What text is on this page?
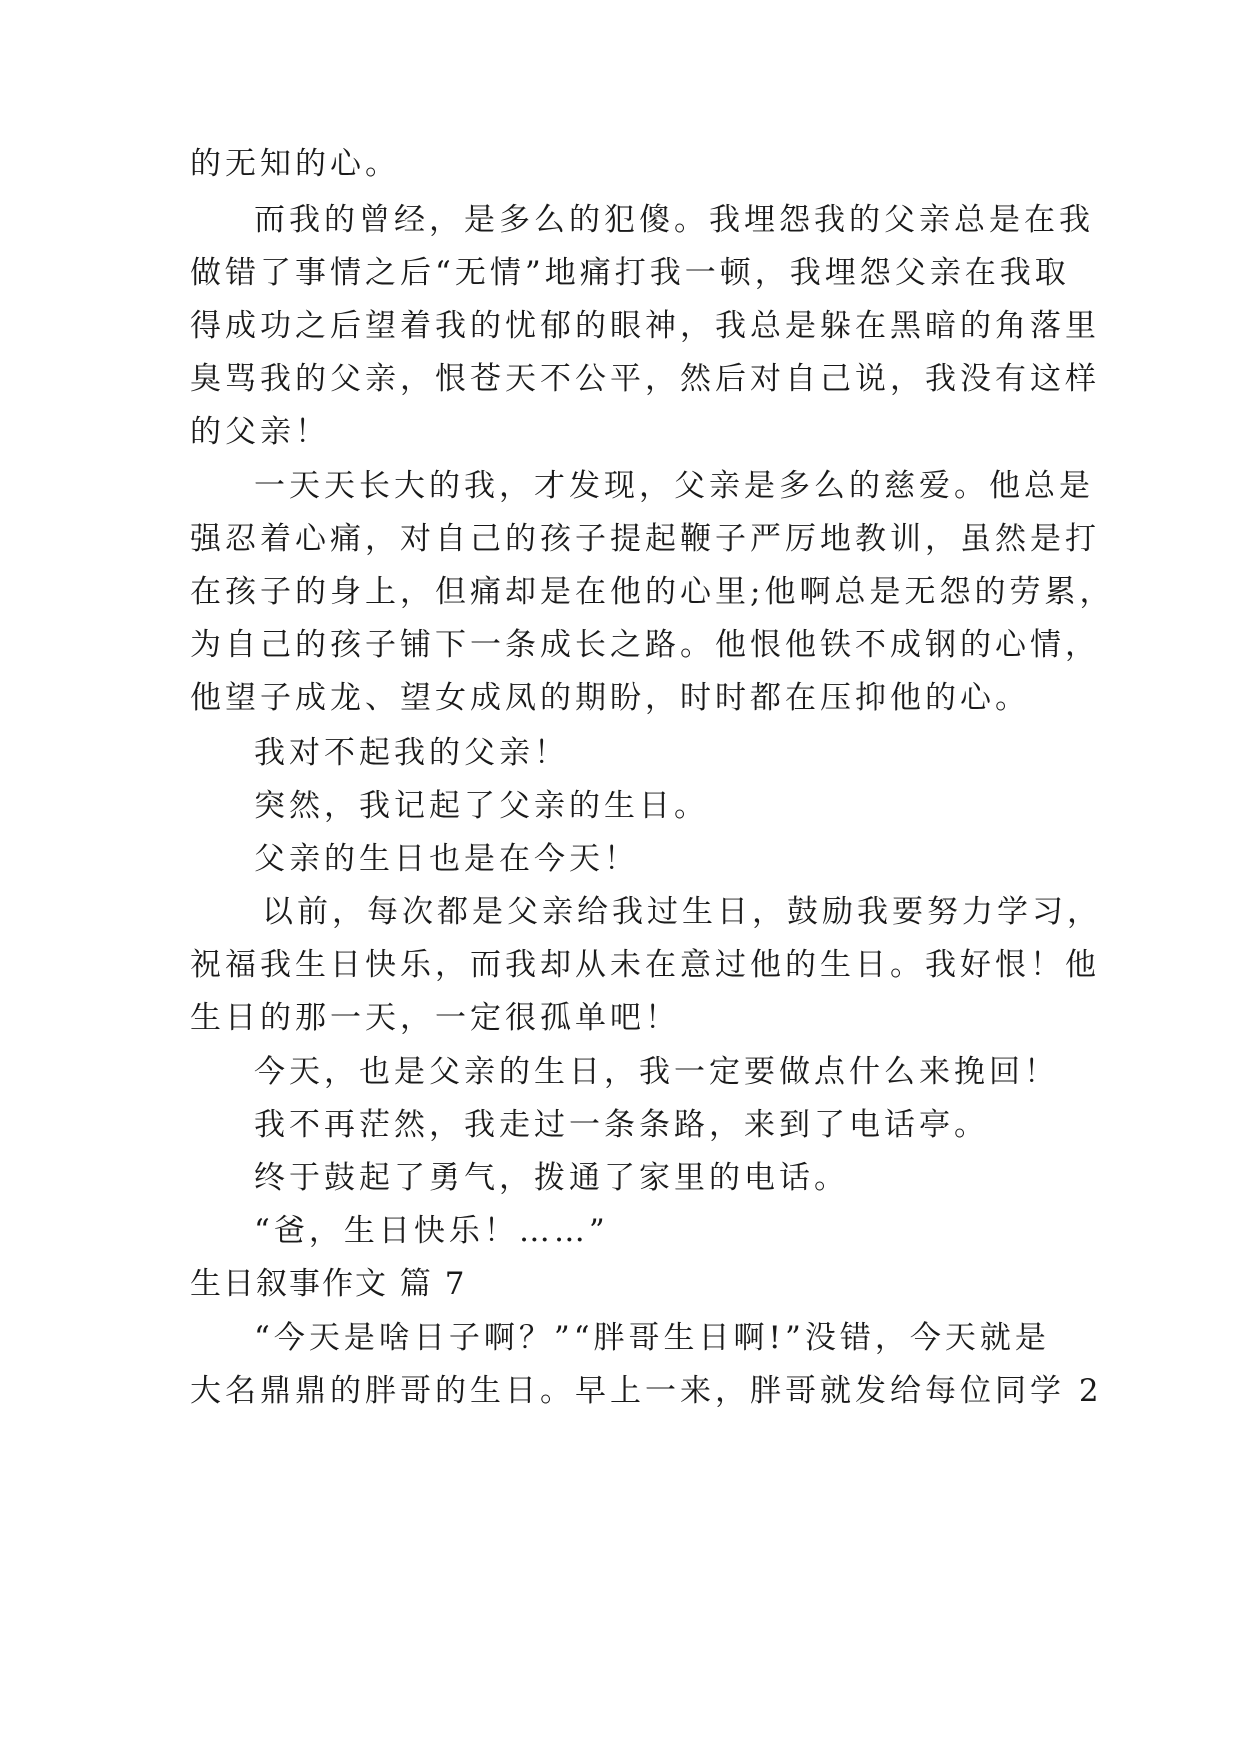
的无知的心。
而我的曾经，是多么的犯傻。我埋怨我的父亲总是在我
做错了事情之后“无情”地痛打我一顿，我埋怨父亲在我取
得成功之后望着我的忧郁的眼神，我总是躲在黑暗的角落里
臭骂我的父亲，恨苍天不公平，然后对自己说，我没有这样
的父亲！
一天天长大的我，才发现，父亲是多么的慈爱。他总是
强忍着心痛，对自己的孩子提起鞭子严厉地教训，虽然是打
在孩子的身上，但痛却是在他的心里;他啊总是无怨的劳累，
为自己的孩子铺下一条成长之路。他恨他铁不成钢的心情，
他望子成龙、望女成凤的期盼，时时都在压抑他的心。
我对不起我的父亲！
突然，我记起了父亲的生日。
父亲的生日也是在今天！
以前，每次都是父亲给我过生日，鼓励我要努力学习，
祝福我生日快乐，而我却从未在意过他的生日。我好恨！他
生日的那一天，一定很孤单吧！
今天，也是父亲的生日，我一定要做点什么来挽回！
我不再茫然，我走过一条条路，来到了电话亭。
终于鼓起了勇气，拨通了家里的电话。
“爸，生日快乐！……”
生日叙事作文 篇 7
“今天是啥日子啊？”“胖哥生日啊!”没错，今天就是
大名鼎鼎的胖哥的生日。早上一来，胖哥就发给每位同学 2
